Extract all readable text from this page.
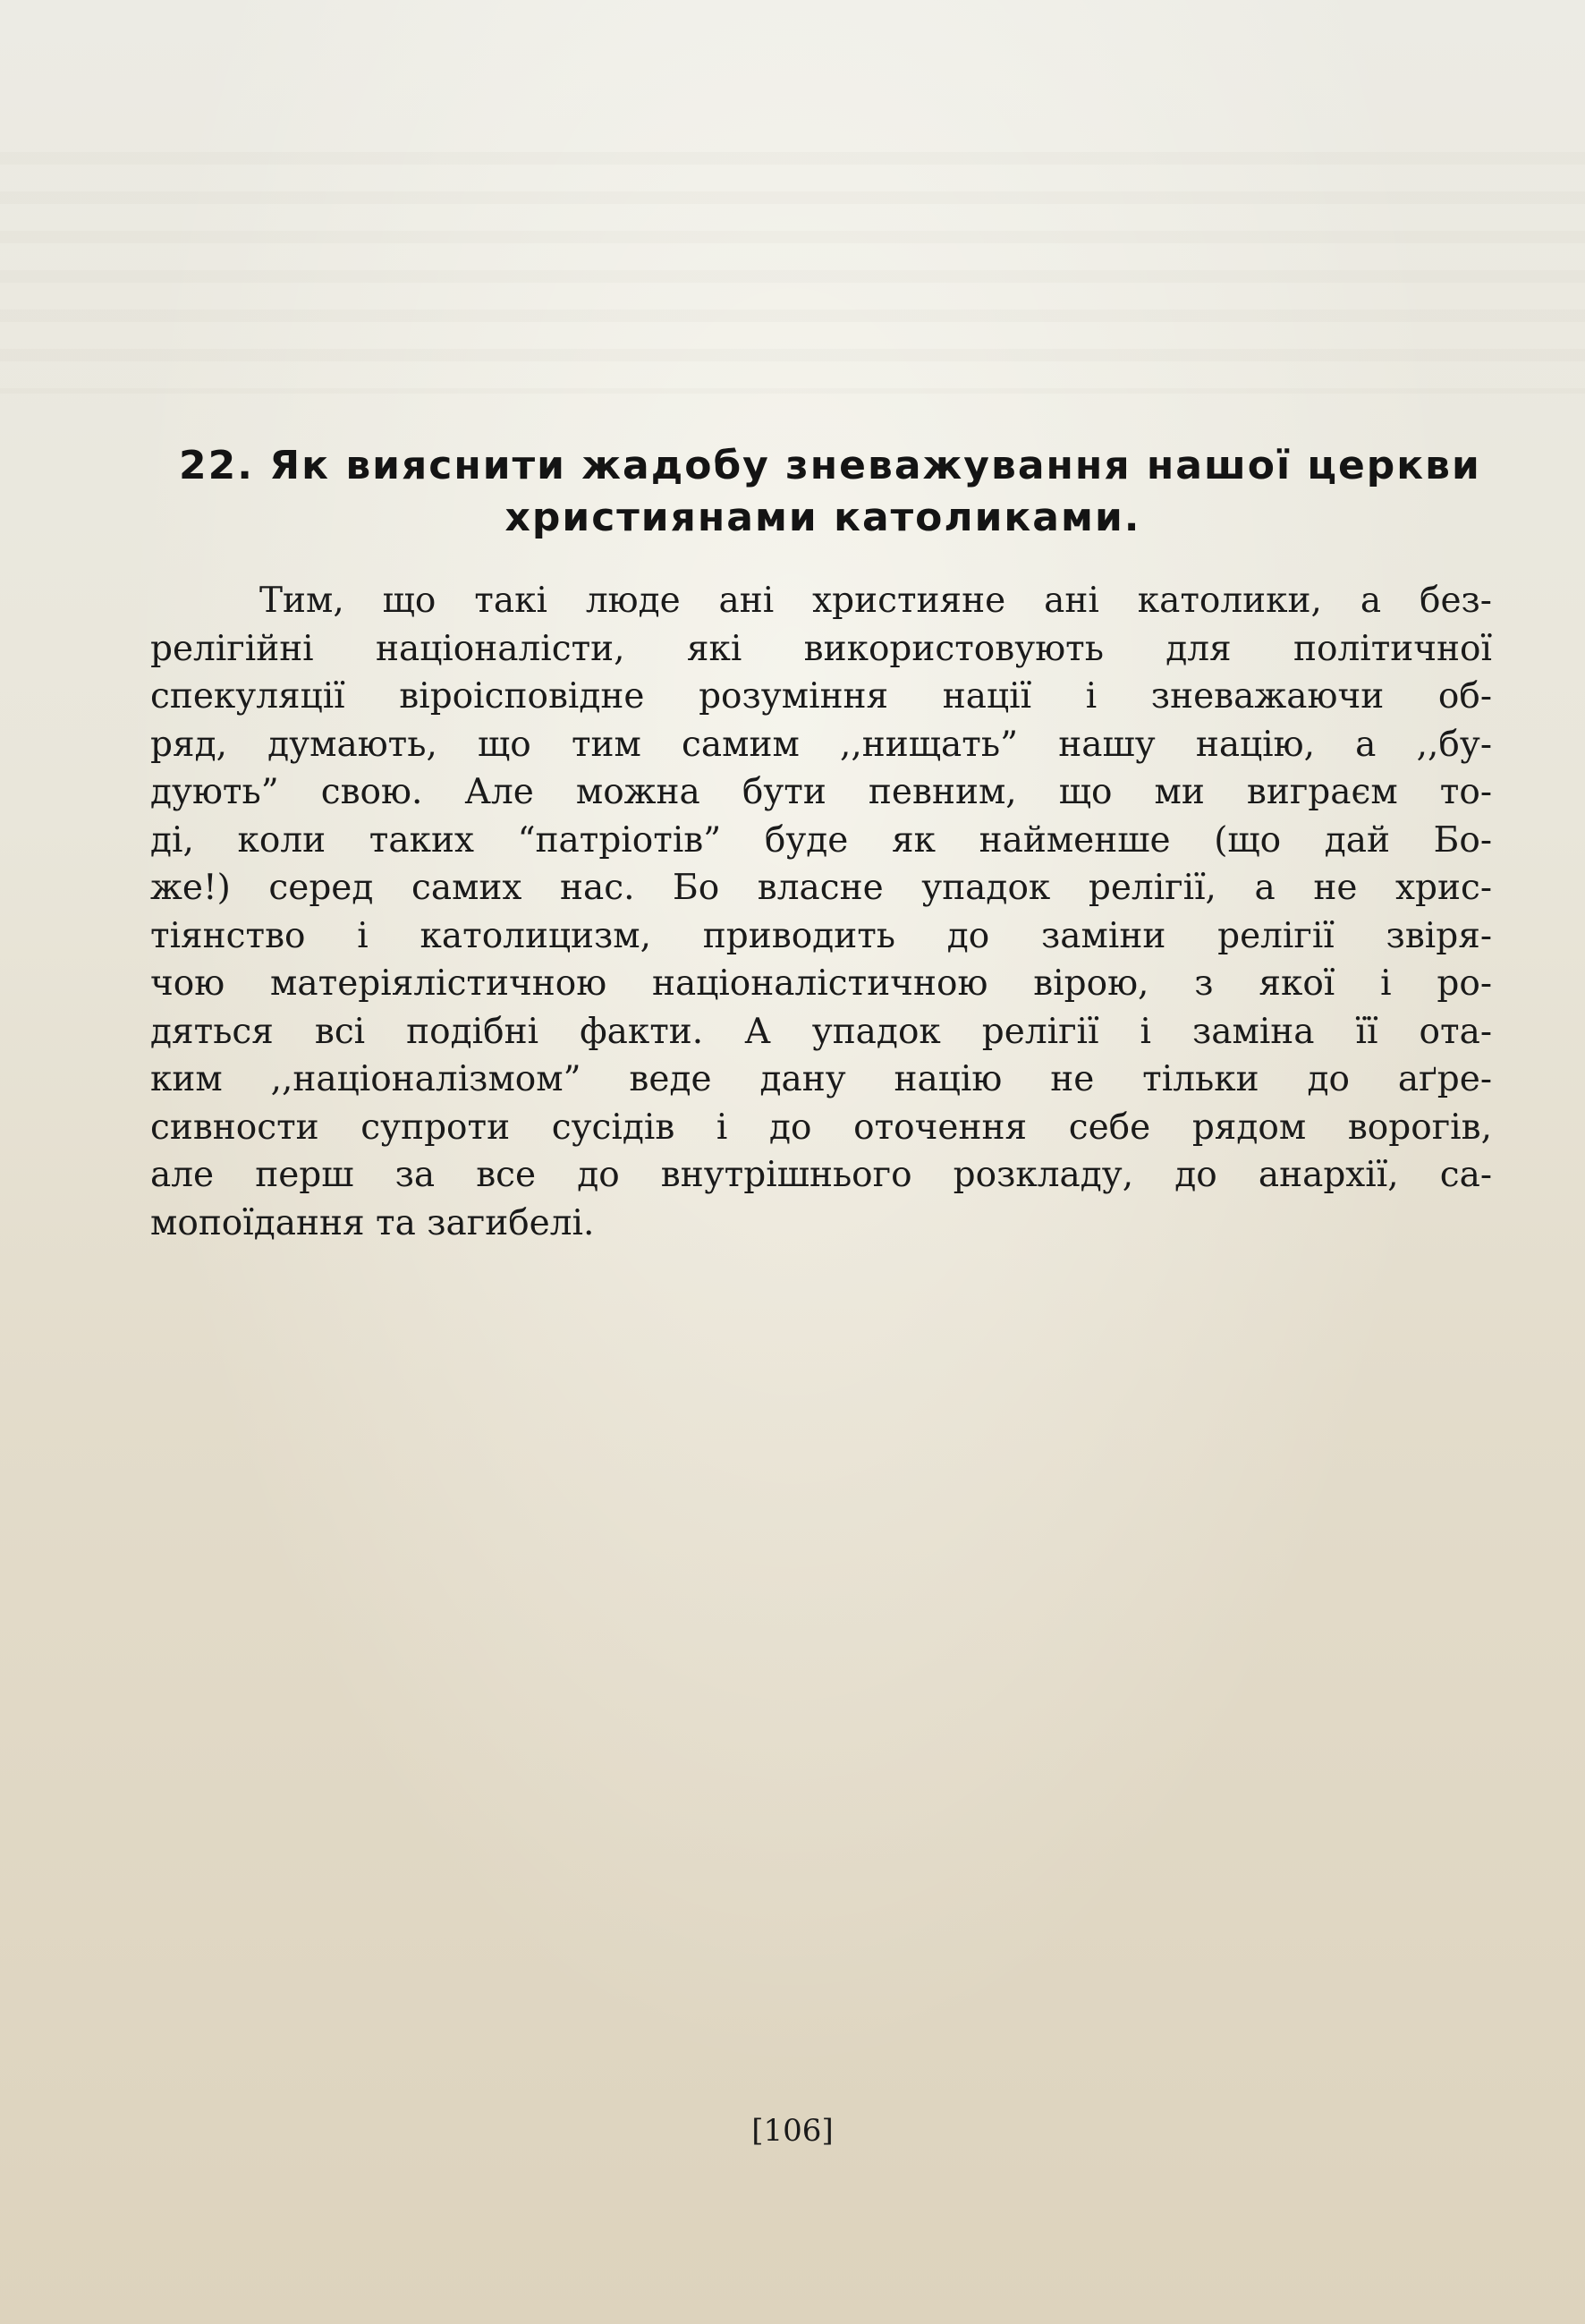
22. Як вияснити жадобу зневажування нашої церкви
християнами католиками.
Тим, що такі люде ані християне ані католики, а без-
релігійні націоналісти, які використовують для політичної
спекуляції віроісповідне розуміння нації і зневажаючи об-
ряд, думають, що тим самим ,,нищать” нашу націю, а ,,бу-
дують” свою. Але можна бути певним, що ми виграєм то-
ді, коли таких “патріотів” буде як найменше (що дай Бо-
же!) серед самих нас. Бо власне упадок релігії, а не хрис-
тіянство і католицизм, приводить до заміни релігії звіря-
чою матеріялістичною націоналістичною вірою, з якої і ро-
дяться всі подібні факти. А упадок релігії і заміна її ота-
ким ,,націоналізмом” веде дану націю не тільки до аґре-
сивности супроти сусідів і до оточення себе рядом ворогів,
але перш за все до внутрішнього розкладу, до анархії, са-
мопоїдання та загибелі.
[106]
